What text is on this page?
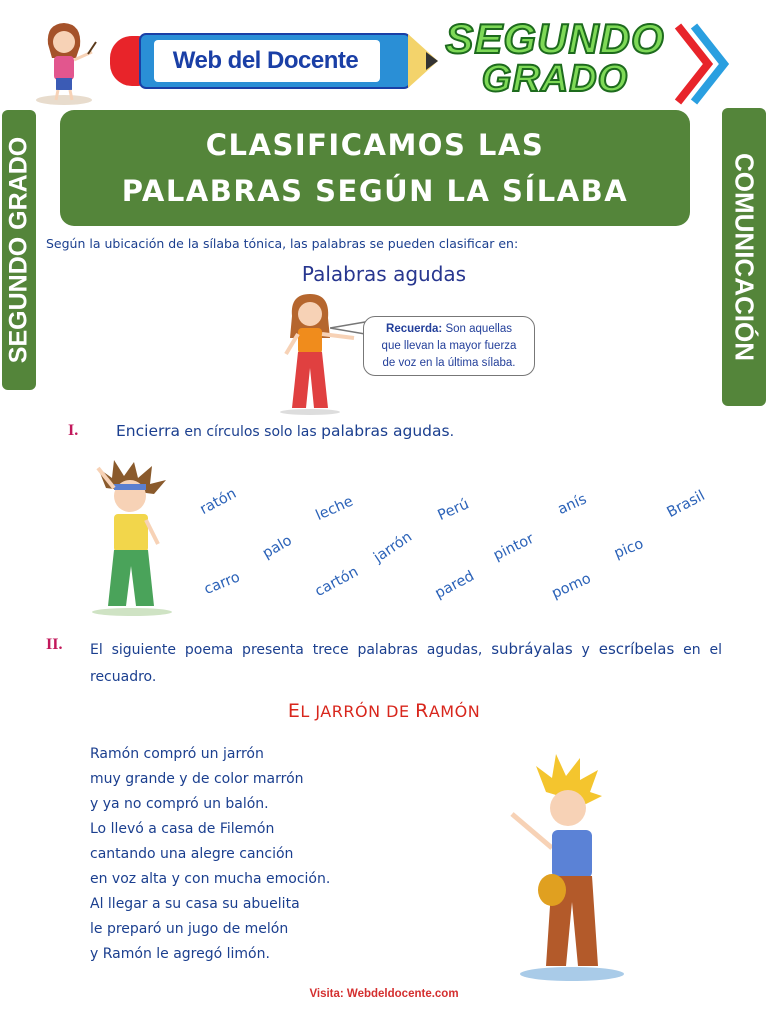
Web del Docente	SEGUNDO
GRADO
SEGUNDO GRADO	COMUNICACIÓN
CLASIFICAMOS LAS
PALABRAS SEGÚN LA SÍLABA
Según la ubicación de la sílaba tónica, las palabras se pueden clasificar en:
Palabras agudas
Recuerda: Son aquellas
que llevan la mayor fuerza
de voz en la última sílaba.
I. Encierra en círculos solo las palabras agudas.
ratón	leche	Perú	anís	Brasil
palo	jarrón	pintor	pico
carro	cartón	pared	pomo
II. El siguiente poema presenta trece palabras agudas, subráyalas y escríbelas en el recuadro.
EL JARRÓN DE RAMÓN
Ramón compró un jarrón
muy grande y de color marrón
y ya no compró un balón.
Lo llevó a casa de Filemón
cantando una alegre canción
en voz alta y con mucha emoción.
Al llegar a su casa su abuelita
le preparó un jugo de melón
y Ramón le agregó limón.
Visita: Webdeldocente.com
